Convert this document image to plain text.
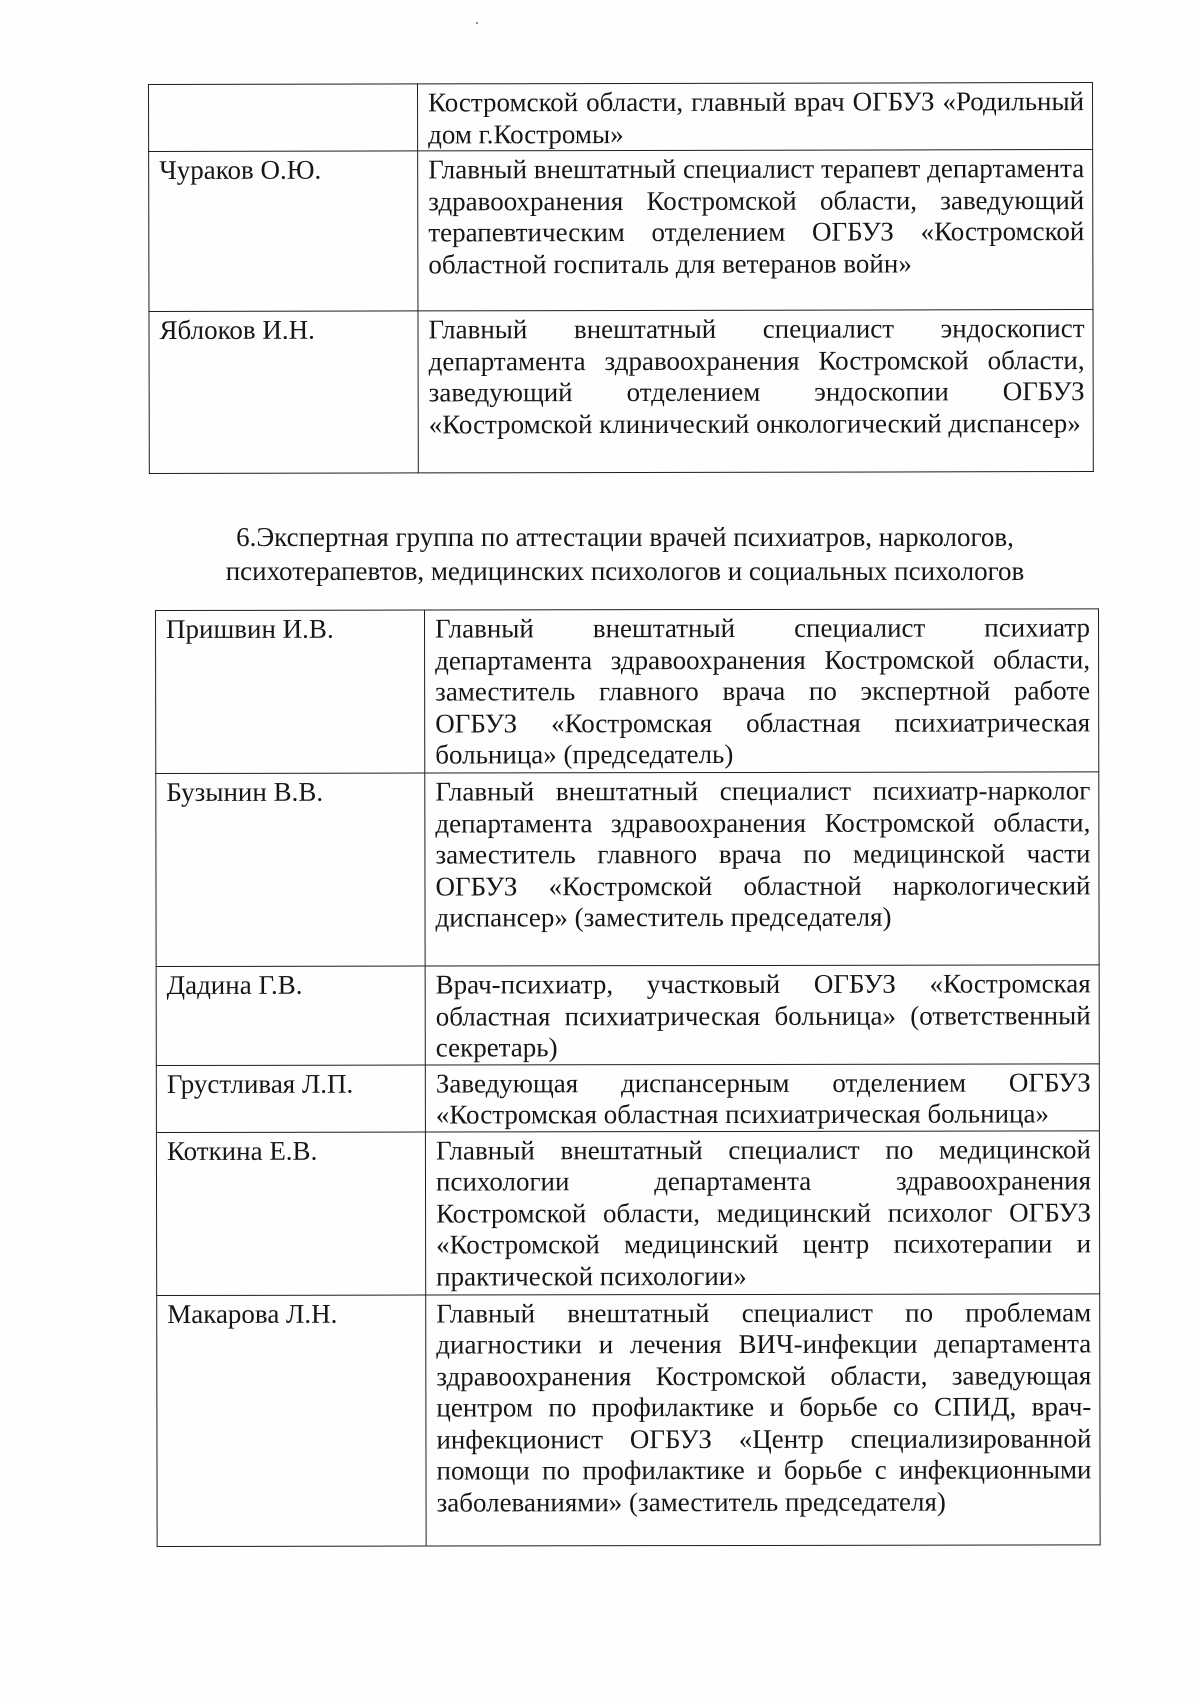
	Костромской области, главный врач ОГБУЗ «Родильный дом г.Костромы»
Чураков О.Ю.	Главный внештатный специалист терапевт департамента здравоохранения Костромской области, заведующий терапевтическим отделением ОГБУЗ «Костромской областной госпиталь для ветеранов войн»
Яблоков И.Н.	Главный внештатный специалист эндоскопист департамента здравоохранения Костромской области, заведующий отделением эндоскопии ОГБУЗ «Костромской клинический онкологический диспансер»
6.Экспертная группа по аттестации врачей психиатров, наркологов,
психотерапевтов, медицинских психологов и социальных психологов
Пришвин И.В.	Главный внештатный специалист психиатр департамента здравоохранения Костромской области, заместитель главного врача по экспертной работе ОГБУЗ «Костромская областная психиатрическая больница» (председатель)
Бузынин В.В.	Главный внештатный специалист психиатр-нарколог департамента здравоохранения Костромской области, заместитель главного врача по медицинской части ОГБУЗ «Костромской областной наркологический диспансер» (заместитель председателя)
Дадина Г.В.	Врач-психиатр, участковый ОГБУЗ «Костромская областная психиатрическая больница» (ответственный секретарь)
Грустливая Л.П.	Заведующая диспансерным отделением ОГБУЗ «Костромская областная психиатрическая больница»
Коткина Е.В.	Главный внештатный специалист по медицинской психологии департамента здравоохранения Костромской области, медицинский психолог ОГБУЗ «Костромской медицинский центр психотерапии и практической психологии»
Макарова Л.Н.	Главный внештатный специалист по проблемам диагностики и лечения ВИЧ-инфекции департамента здравоохранения Костромской области, заведующая центром по профилактике и борьбе со СПИД, врач-инфекционист ОГБУЗ «Центр специализированной помощи по профилактике и борьбе с инфекционными заболеваниями» (заместитель председателя)
